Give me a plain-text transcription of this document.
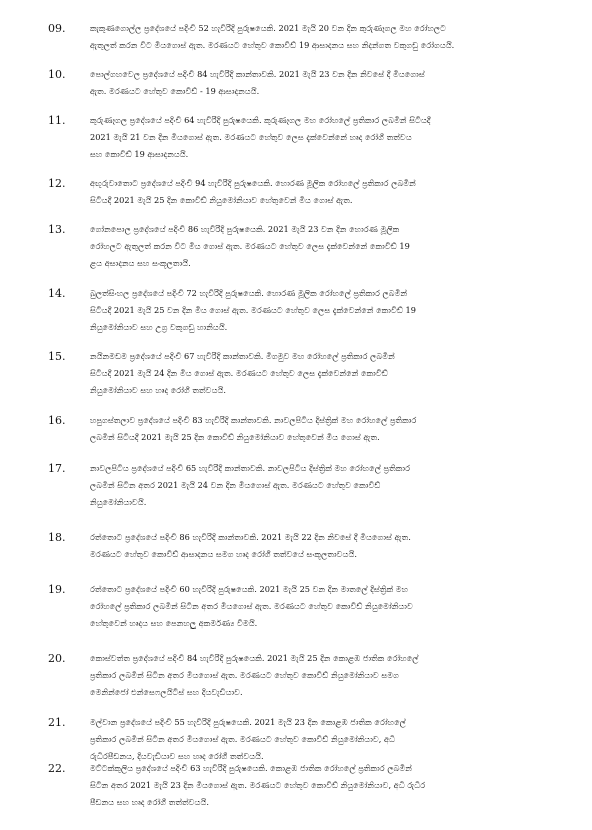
09.	කැකුණගොල්ල ප්‍රදේශයේ පදිංචි 52 හැවිරිදි පුරුෂයෙකි. 2021 මැයි 20 වන දින කුරුණෑගල මහ රෝහලට
ඇතුලත් කරන විට මියගොස් ඇත. මරණයට හේතුව කොවිඩ් 19 ආසාදනය සහ නිදන්ගත වකුගඩු රෝගයයි.
10.	පොල්ගහවෙල ප්‍රදේශයේ පදිංචි 84 හැවිරිදි කාන්තාවකි. 2021 මැයි 23 වන දින නිවසේ දී මියගොස්
ඇත. මරණයට හේතුව කොවිඩ් - 19 ආසාදනයයි.
11.	කුරුණෑගල ප්‍රදේශයේ පදිංචි 64 හැවිරිදි පුරුෂයෙකි. කුරුණෑගල මහ රෝහලේ ප්‍රතිකාර ලබමින් සිටියදී
2021 මැයි 21 වන දින මියගොස් ඇත. මරණයට හේතුව ලෙස දැක්වෙන්නේ හෘද රෝගී තත්වය
සහ කොවිඩ් 19 ආසාදනයයි.
12.	අඟුරුවාතොට ප්‍රදේශයේ පදිංචි 94 හැවිරිදි පුරුෂයෙකි. හොරණ මූලික රෝහලේ ප්‍රතිකාර ලබමින්
සිටියදී 2021 මැයි 25 දින කොවිඩ් නියුමෝනියාව හේතුවෙන් මිය ගොස් ඇත.
13.	ගෝනපොල ප්‍රදේශයේ පදිංචි 86 හැවිරිදි පුරුෂයෙකි. 2021 මැයි 23 වන දින හොරණ මූලික
රෝහලට ඇතුලත් කරන විට මිය ගොස් ඇත. මරණයට හේතුව ලෙස දැක්වෙන්නේ කොවිඩ් 19
ළය අසාදනය සහ සංකූලතායි.
14.	බුලත්සිංහල ප්‍රදේශයේ පදිංචි 72 හැවිරිදි පුරුෂයෙකි. හොරණ මූලික රෝහලේ ප්‍රතිකාර ලබමින්
සිටියදී 2021 මැයි 25 වන දින මිය ගොස් ඇත. මරණයට හේතුව ලෙස දැක්වෙන්නේ කොවිඩ් 19
නියුමෝනියාව සහ උග්‍ර වකුගඩු හානියයි.
15.	නයිනමඩම ප්‍රදේශයේ පදිංචි 67 හැවිරිදි කාන්තාවකි. මීගමුව මහ රෝහලේ ප්‍රතිකාර ලබමින්
සිටියදී 2021 මැයි 24 දින මිය ගොස් ඇත. මරණයට හේතුව ලෙස දැක්වෙන්නේ කොවිඩ්
නියුමෝනියාව සහ හෘද රෝගී තත්වයයි.
16.	හපුගස්තලාව ප්‍රදේශයේ පදිංචි 83 හැවිරිදි කාන්තාවකි. නාවලපිටිය දිස්ත්‍රික් මහ රෝහලේ ප්‍රතිකාර
ලබමින් සිටියදී 2021 මැයි 25 දින කොවිඩ් නියුමෝනියාව හේතුවෙන් මිය ගොස් ඇත.
17.	නාවලපිටිය ප්‍රදේශයේ පදිංචි 65 හැවිරිදි කාන්තාවකි. නාවලපිටිය දිස්ත්‍රික් මහ රෝහලේ ප්‍රතිකාර
ලබමින් සිටින අතර 2021 මැයි 24 වන දින මියගොස් ඇත. මරණයට හේතුව කොවිඩ්
නියුමෝනියාවයි.
18.	රත්තොට ප්‍රදේශයේ පදිංචි 86 හැවිරිදි කාන්තාවකි. 2021 මැයි 22 දින නිවසේ දී මියගොස් ඇත.
මරණයට හේතුව කොවිඩ් ආසාදනය සමග හෘද රෝගී තත්වයේ සංකූලතාවයයි.
19.	රත්තොට ප්‍රදේශයේ පදිංචි 60 හැවිරිදි පුරුෂයෙකි. 2021 මැයි 25 වන දින මාතලේ දිස්ත්‍රික් මහ
රෝහලේ ප්‍රතිකාර ලබමින් සිටින අතර මියගොස් ඇත. මරණයට හේතුව කොවිඩ් නියුමෝනියාව
හේතුවෙන් හෘදය සහ පෙනහලු අකර්මණ්‍ය වීමයි.
20.	කොස්වත්ත ප්‍රදේශයේ පදිංචි 84 හැවිරිදි පුරුෂයෙකි. 2021 මැයි 25 දින කොළඹ ජාතික රෝහලේ
ප්‍රතිකාර ලබමින් සිටින අතර මියගොස් ඇත. මරණයට හේතුව කොවිඩ් නියුමෝනියාව සමග
මෙනින්ජෝ එන්සෙෆලයිටිස් සහ දියවැඩියාව.
21.	මල්වාන ප්‍රදේශයේ පදිංචි 55 හැවිරිදි පුරුෂයෙකි. 2021 මැයි 23 දින කොළඹ ජාතික රෝහලේ
ප්‍රතිකාර ලබමින් සිටින අතර මියගොස් ඇත. මරණයට හේතුව කොවිඩ් නියුමෝනියාව, අධි
රුධිරපීඩනය, දියවැඩියාව සහ හෘද රෝගී තත්වයයි.
22.	මට්ටක්කුලිය ප්‍රදේශයේ පදිංචි 63 හැවිරිදි පුරුෂයෙකි. කොළඹ ජාතික රෝහලේ ප්‍රතිකාර ලබමින්
සිටින අතර 2021 මැයි 23 දින මියගොස් ඇත. මරණයට හේතුව කොවිඩ් නියුමෝනියාව, අධි රුධිර
පීඩනය සහ හෘද රෝගී තත්ත්වයයි.
